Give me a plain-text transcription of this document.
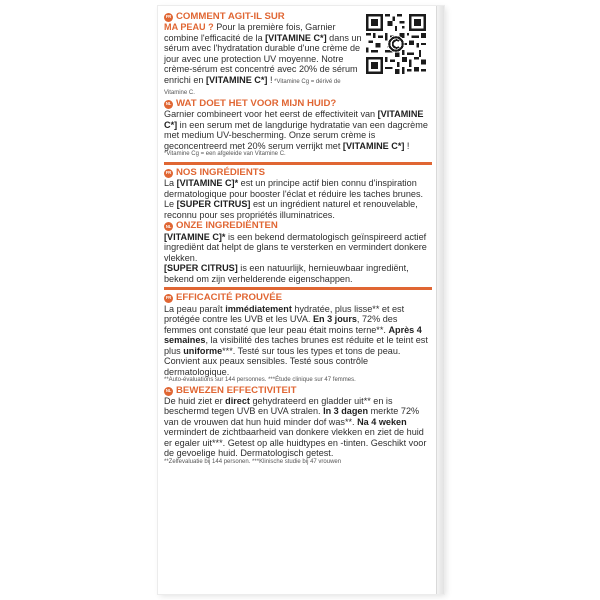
FR COMMENT AGIT-IL SUR

MA PEAU ? Pour la première fois, Garnier combine l'efficacité de la [VITAMINE C*] dans un sérum avec l'hydratation durable d'une crème de jour avec une protection UV moyenne. Notre crème-sérum est concentré avec 20% de sérum enrichi en [VITAMINE C*] ! *Vitamine Cg = dérivé de Vitamine C.

NL WAT DOET HET VOOR MIJN HUID?

Garnier combineert voor het eerst de effectiviteit van [VITAMINE C*] in een serum met de langdurige hydratatie van een dagcrème met medium UV-bescherming. Onze serum crème is geconcentreerd met 20% serum verrijkt met [VITAMINE C*] !

*Vitamine Cg = een afgeleide van Vitamine C.

FR NOS INGRÉDIENTS

La [VITAMINE C]* est un principe actif bien connu d'inspiration dermatologique pour booster l'éclat et réduire les taches brunes. Le [SUPER CITRUS] est un ingrédient naturel et renouvelable, reconnu pour ses propriétés illuminatrices.

NL ONZE INGREDIËNTEN

[VITAMINE C]* is een bekend dermatologisch geïnspireerd actief ingrediënt dat helpt de glans te versterken en vermindert donkere vlekken.

[SUPER CITRUS] is een natuurlijk, hernieuwbaar ingrediënt, bekend om zijn verhelderende eigenschappen.

FR EFFICACITÉ PROUVÉE

La peau paraît immédiatement hydratée, plus lisse** et est protégée contre les UVB et les UVA. En 3 jours, 72% des femmes ont constaté que leur peau était moins terne**. Après 4 semaines, la visibilité des taches brunes est réduite et le teint est plus uniforme***. Testé sur tous les types et tons de peau. Convient aux peaux sensibles. Testé sous contrôle dermatologique.

**Auto-évaluations sur 144 personnes. ***Étude clinique sur 47 femmes.

NL BEWEZEN EFFECTIVITEIT

De huid ziet er direct gehydrateerd en gladder uit** en is beschermd tegen UVB en UVA stralen. In 3 dagen merkte 72% van de vrouwen dat hun huid minder dof was**. Na 4 weken vermindert de zichtbaarheid van donkere vlekken en ziet de huid er egaler uit***. Getest op alle huidtypes en -tinten. Geschikt voor de gevoelige huid. Dermatologisch getest.

**Zelfevaluatie bij 144 personen. ***Klinische studie bij 47 vrouwen
